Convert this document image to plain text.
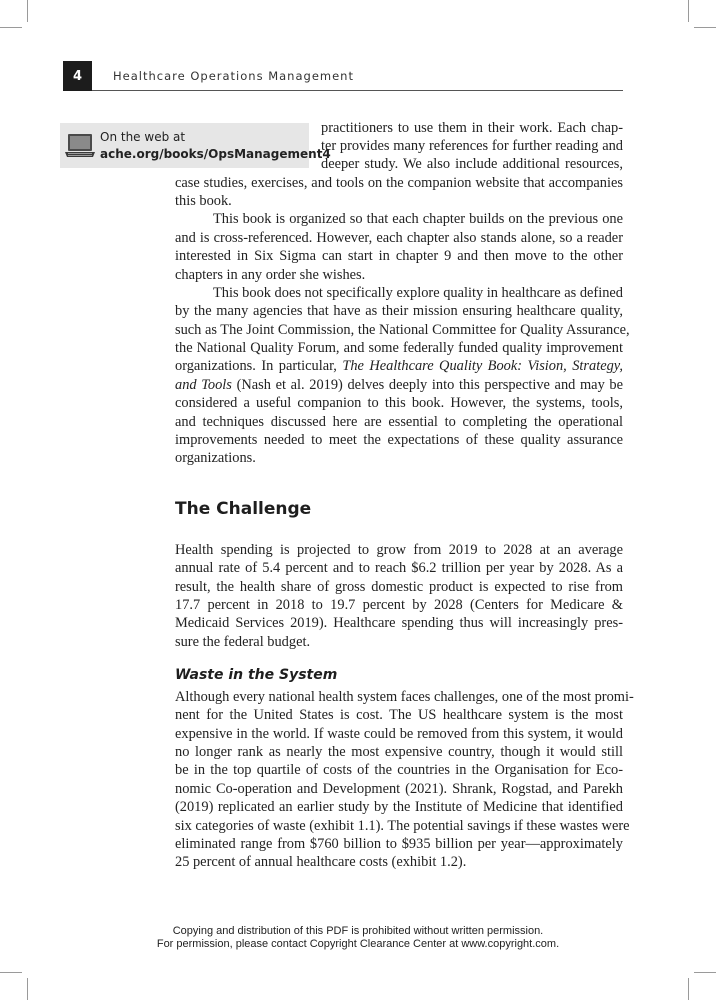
4	Healthcare Operations Management
On the web at
ache.org/books/OpsManagement4
practitioners to use them in their work. Each chap-
ter provides many references for further reading and
deeper study. We also include additional resources,
case studies, exercises, and tools on the companion website that accompanies
this book.
This book is organized so that each chapter builds on the previous one
and is cross-referenced. However, each chapter also stands alone, so a reader
interested in Six Sigma can start in chapter 9 and then move to the other
chapters in any order she wishes.
This book does not specifically explore quality in healthcare as defined
by the many agencies that have as their mission ensuring healthcare quality,
such as The Joint Commission, the National Committee for Quality Assurance,
the National Quality Forum, and some federally funded quality improvement
organizations. In particular, The Healthcare Quality Book: Vision, Strategy,
and Tools (Nash et al. 2019) delves deeply into this perspective and may be
considered a useful companion to this book. However, the systems, tools,
and techniques discussed here are essential to completing the operational
improvements needed to meet the expectations of these quality assurance
organizations.
The Challenge
Health spending is projected to grow from 2019 to 2028 at an average
annual rate of 5.4 percent and to reach $6.2 trillion per year by 2028. As a
result, the health share of gross domestic product is expected to rise from
17.7 percent in 2018 to 19.7 percent by 2028 (Centers for Medicare &
Medicaid Services 2019). Healthcare spending thus will increasingly pres-
sure the federal budget.
Waste in the System
Although every national health system faces challenges, one of the most promi-
nent for the United States is cost. The US healthcare system is the most
expensive in the world. If waste could be removed from this system, it would
no longer rank as nearly the most expensive country, though it would still
be in the top quartile of costs of the countries in the Organisation for Eco-
nomic Co-operation and Development (2021). Shrank, Rogstad, and Parekh
(2019) replicated an earlier study by the Institute of Medicine that identified
six categories of waste (exhibit 1.1). The potential savings if these wastes were
eliminated range from $760 billion to $935 billion per year—approximately
25 percent of annual healthcare costs (exhibit 1.2).
Copying and distribution of this PDF is prohibited without written permission.
For permission, please contact Copyright Clearance Center at www.copyright.com.
